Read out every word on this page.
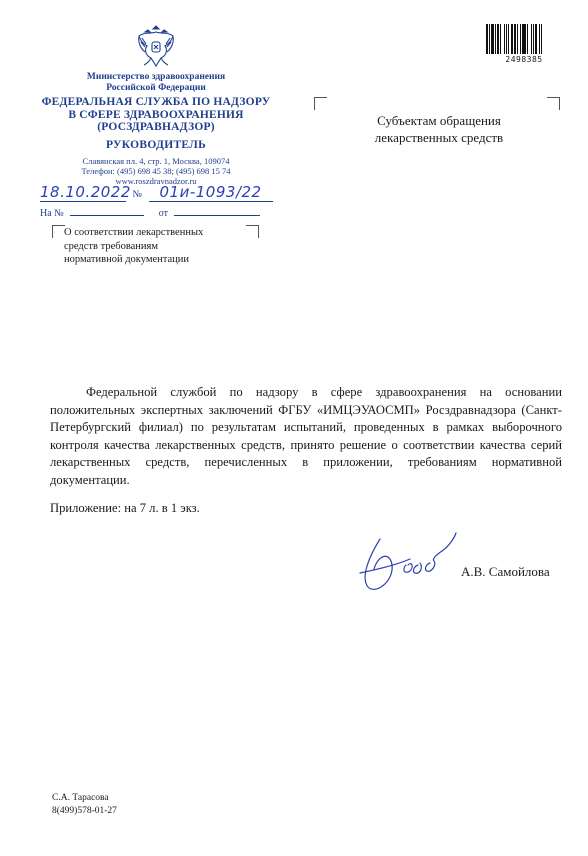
Министерство здравоохранения
Российской Федерации
ФЕДЕРАЛЬНАЯ СЛУЖБА ПО НАДЗОРУ
В СФЕРЕ ЗДРАВООХРАНЕНИЯ
(РОСЗДРАВНАДЗОР)
РУКОВОДИТЕЛЬ
Славянская пл. 4, стр. 1, Москва, 109074
Телефон: (495) 698 45 38; (495) 698 15 74
www.roszdravnadzor.ru
18.10.2022 № 01и-1093/22
На №	от
О соответствии лекарственных
средств требованиям
нормативной документации
Субъектам обращения
лекарственных средств
2498385
Федеральной службой по надзору в сфере здравоохранения на основании положительных экспертных заключений ФГБУ «ИМЦЭУАОСМП» Росздравнадзора (Санкт-Петербургский филиал) по результатам испытаний, проведенных в рамках выборочного контроля качества лекарственных средств, принято решение о соответствии качества серий лекарственных средств, перечисленных в приложении, требованиям нормативной документации.
Приложение: на 7 л. в 1 экз.
А.В. Самойлова
С.А. Тарасова
8(499)578-01-27
